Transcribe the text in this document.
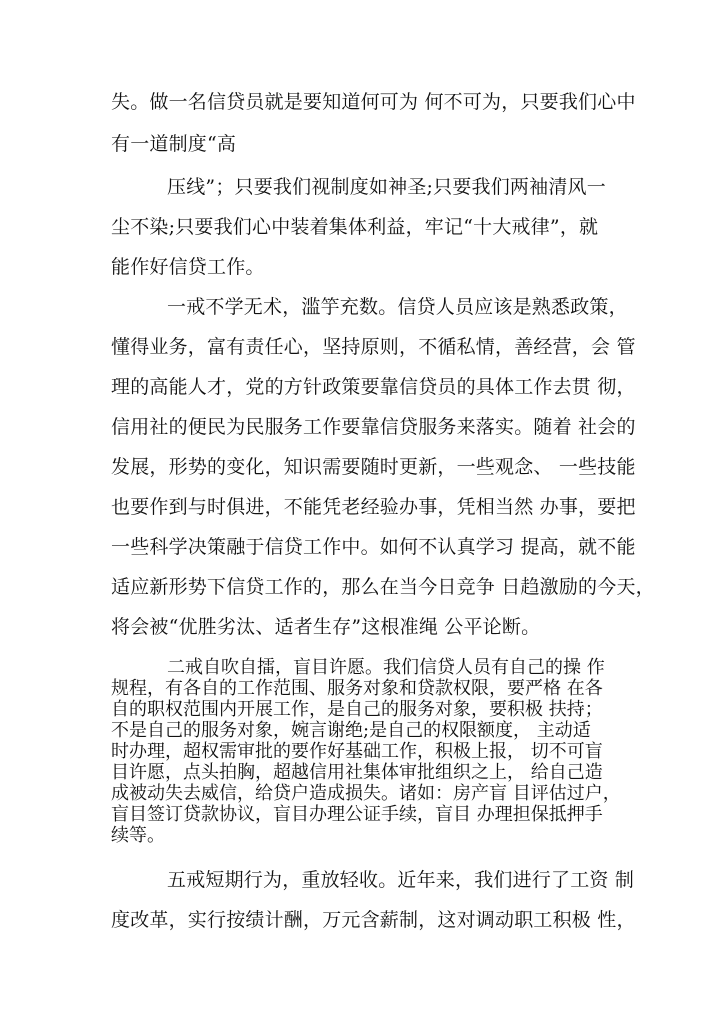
失。做一名信贷员就是要知道何可为 何不可为，只要我们心中
有一道制度“高
压线”；只要我们视制度如神圣;只要我们两袖清风一
尘不染;只要我们心中装着集体利益，牢记“十大戒律”，就
能作好信贷工作。
一戒不学无术，滥竽充数。信贷人员应该是熟悉政策，
懂得业务，富有责任心，坚持原则，不循私情，善经营，会 管
理的高能人才，党的方针政策要靠信贷员的具体工作去贯 彻，
信用社的便民为民服务工作要靠信贷服务来落实。随着 社会的
发展，形势的变化，知识需要随时更新，一些观念、 一些技能
也要作到与时俱进，不能凭老经验办事，凭相当然 办事，要把
一些科学决策融于信贷工作中。如何不认真学习 提高，就不能
适应新形势下信贷工作的，那么在当今日竞争 日趋激励的今天，
将会被“优胜劣汰、适者生存”这根准绳 公平论断。
二戒自吹自擂，盲目许愿。我们信贷人员有自己的操 作
规程，有各自的工作范围、服务对象和贷款权限，要严格 在各
自的职权范围内开展工作，是自己的服务对象，要积极 扶持；
不是自己的服务对象，婉言谢绝;是自己的权限额度， 主动适
时办理，超权需审批的要作好基础工作，积极上报， 切不可盲
目许愿，点头拍胸，超越信用社集体审批组织之上， 给自己造
成被动失去威信，给贷户造成损失。诸如：房产盲 目评估过户，
盲目签订贷款协议，盲目办理公证手续，盲目 办理担保抵押手
续等。
五戒短期行为，重放轻收。近年来，我们进行了工资 制
度改革，实行按绩计酬，万元含薪制，这对调动职工积极 性，
